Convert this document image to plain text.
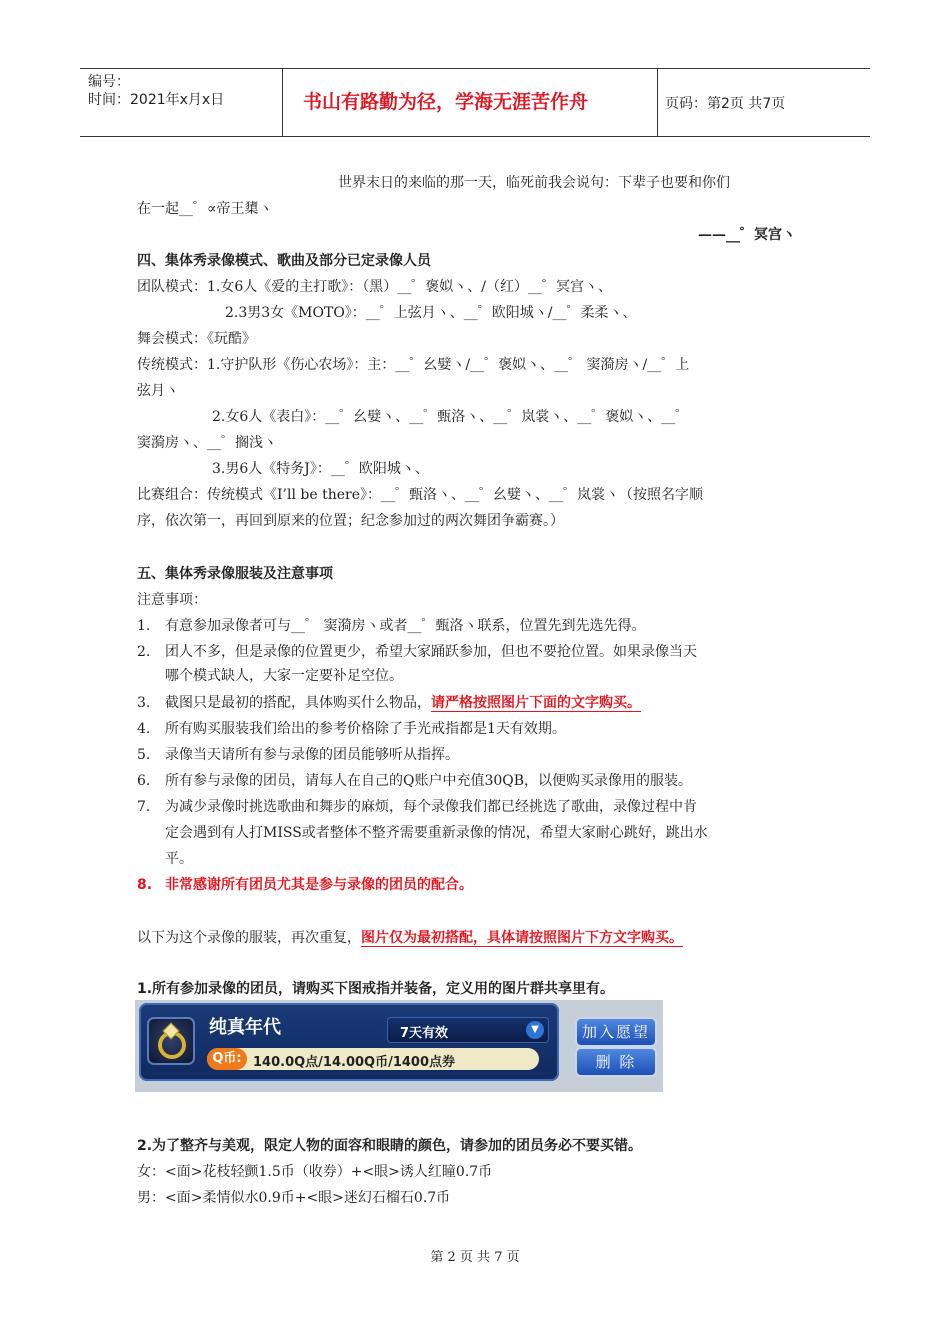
编号：
时间：2021年x月x日	书山有路勤为径，学海无涯苦作舟	页码：第2页 共7页
世界末日的来临的那一天，临死前我会说句：下辈子也要和你们
在一起__゜∝帝王橥ヽ
——__゜冥宫ヽ
四、集体秀录像模式、歌曲及部分已定录像人员
团队模式：1.女6人《爱的主打歌》：（黑）__゜褒姒ヽ、/（红）__゜冥宫ヽ、
2.3男3女《MOTO》：__゜上弦月ヽ、__゜欧阳城ヽ/__゜柔柔ヽ、
舞会模式：《玩酷》
传统模式：1.守护队形《伤心农场》：主：__゜幺嬖ヽ/__゜褒姒ヽ、__゜ 窦漪房ヽ/__゜上
弦月ヽ
2.女6人《表白》：__゜幺嬖ヽ、__゜甄洛ヽ、__゜岚裳ヽ、__゜褒姒ヽ、__゜
窦漪房ヽ、__゜搁浅ヽ
3.男6人《特务J》：__゜欧阳城ヽ、
比赛组合：传统模式《I’ll be there》：__゜甄洛ヽ、__゜幺嬖ヽ、__゜岚裳ヽ（按照名字顺
序，依次第一，再回到原来的位置；纪念参加过的两次舞团争霸赛。）
五、集体秀录像服装及注意事项
注意事项：
1. 有意参加录像者可与__゜ 窦漪房ヽ或者__゜甄洛ヽ联系，位置先到先选先得。
2. 团人不多，但是录像的位置更少，希望大家踊跃参加，但也不要抢位置。如果录像当天
哪个模式缺人，大家一定要补足空位。
3. 截图只是最初的搭配，具体购买什么物品，请严格按照图片下面的文字购买。
4. 所有购买服装我们给出的参考价格除了手光戒指都是1天有效期。
5. 录像当天请所有参与录像的团员能够听从指挥。
6. 所有参与录像的团员，请每人在自己的Q账户中充值30QB，以便购买录像用的服装。
7. 为减少录像时挑选歌曲和舞步的麻烦，每个录像我们都已经挑选了歌曲，录像过程中肯
定会遇到有人打MISS或者整体不整齐需要重新录像的情况，希望大家耐心跳好，跳出水
平。
8. 非常感谢所有团员尤其是参与录像的团员的配合。
以下为这个录像的服装，再次重复，图片仅为最初搭配，具体请按照图片下方文字购买。
1.所有参加录像的团员，请购买下图戒指并装备，定义用的图片群共享里有。
纯真年代	7天有效	▼
Q币: 140.0Q点/14.00Q币/1400点券
加入愿望
删 除
2.为了整齐与美观，限定人物的面容和眼睛的颜色，请参加的团员务必不要买错。
女：<面>花枝轻颤1.5币（收券）+<眼>诱人红瞳0.7币
男：<面>柔情似水0.9币+<眼>迷幻石榴石0.7币
第 2 页 共 7 页
